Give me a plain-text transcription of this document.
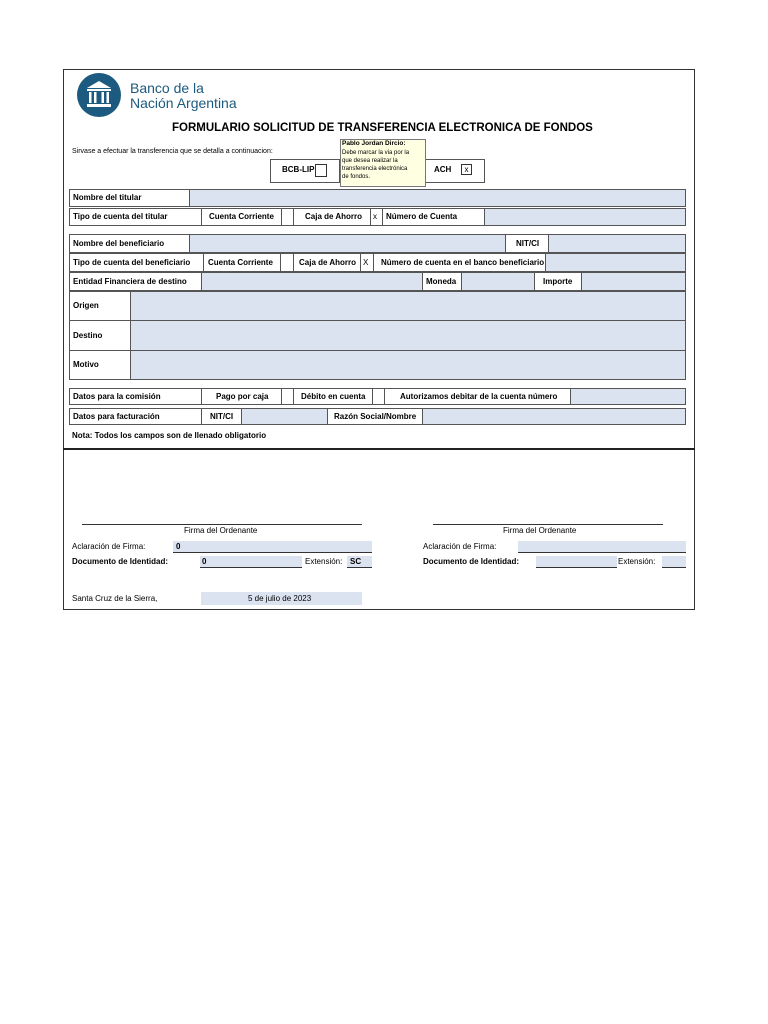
Banco de la
Nación Argentina
FORMULARIO SOLICITUD DE TRANSFERENCIA ELECTRONICA DE FONDOS
Sirvase a efectuar la transferencia que se detalla a continuacion:
BCB-LIP	ACH	x
Pablo Jordan Dircio:
Debe marcar la via por la
que desea realizar la
transferencia electrónica
de fondos.
Nombre del titular
Tipo de cuenta del titular	Cuenta Corriente	Caja de Ahorro	x	Número de Cuenta
Nombre del beneficiario	NIT/CI
Tipo de cuenta del beneficiario	Cuenta Corriente	Caja de Ahorro X	Número de cuenta en el banco beneficiario
Entidad Financiera de destino	Moneda	Importe
Origen
Destino
Motivo
Datos para la comisión	Pago por caja	Débito en cuenta	Autorizamos debitar de la cuenta número
Datos para facturación	NIT/CI	Razón Social/Nombre
Nota: Todos los campos son de llenado obligatorio
Firma del Ordenante
Aclaración de Firma:	0
Documento de Identidad:	0	Extensión: SC
Firma del Ordenante
Aclaración de Firma:
Documento de Identidad:	Extensión:
Santa Cruz de la Sierra,	5 de julio de 2023
